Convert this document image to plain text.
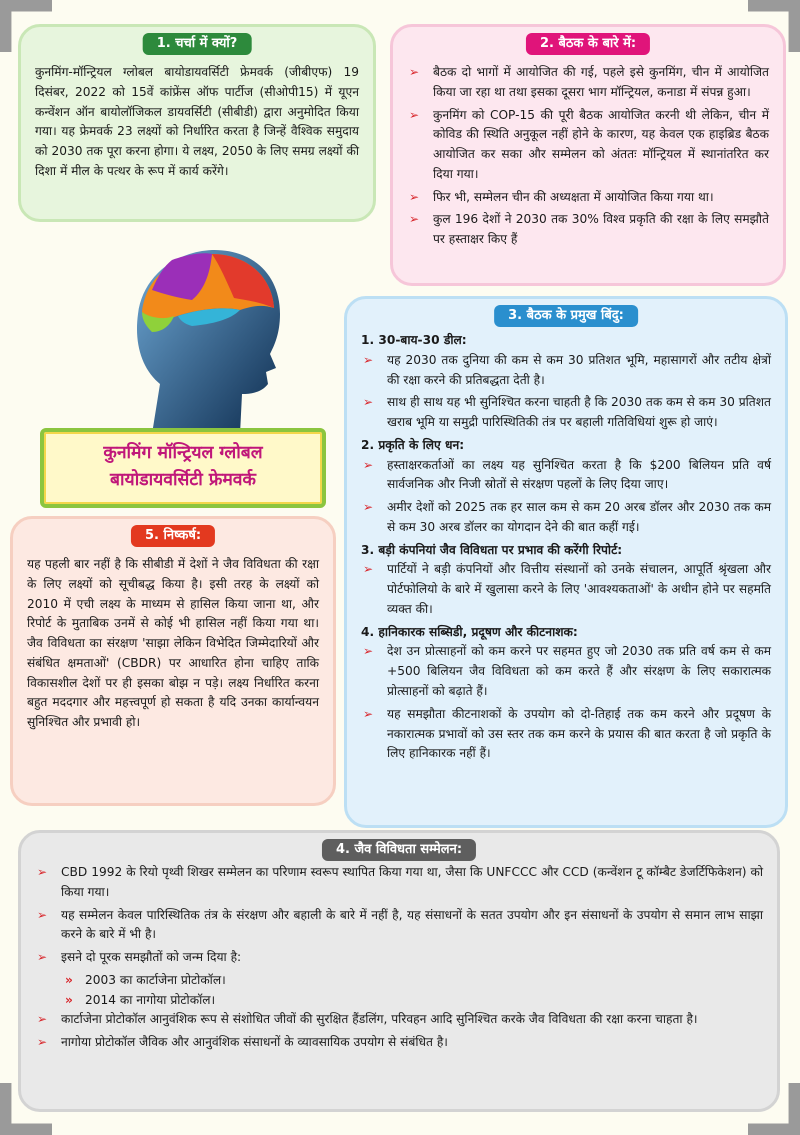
1. चर्चा में क्यों?

कुनमिंग-मॉन्ट्रियल ग्लोबल बायोडायवर्सिटी फ्रेमवर्क (जीबीएफ) 19 दिसंबर, 2022 को 15वें कांफ्रेंस ऑफ पार्टीज (सीओपी15) में यूएन कन्वेंशन ऑन बायोलॉजिकल डायवर्सिटी (सीबीडी) द्वारा अनुमोदित किया गया। यह फ्रेमवर्क 23 लक्ष्यों को निर्धारित करता है जिन्हें वैश्विक समुदाय को 2030 तक पूरा करना होगा। ये लक्ष्य, 2050 के लिए समग्र लक्ष्यों की दिशा में मील के पत्थर के रूप में कार्य करेंगे।

2. बैठक के बारे में:
➢ बैठक दो भागों में आयोजित की गई, पहले इसे कुनमिंग, चीन में आयोजित किया जा रहा था तथा इसका दूसरा भाग मॉन्ट्रियल, कनाडा में संपन्न हुआ।
➢ कुनमिंग को COP-15 की पूरी बैठक आयोजित करनी थी लेकिन, चीन में कोविड की स्थिति अनुकूल नहीं होने के कारण, यह केवल एक हाइब्रिड बैठक आयोजित कर सका और सम्मेलन को अंततः मॉन्ट्रियल में स्थानांतरित कर दिया गया।
➢ फिर भी, सम्मेलन चीन की अध्यक्षता में आयोजित किया गया था।
➢ कुल 196 देशों ने 2030 तक 30% विश्व प्रकृति की रक्षा के लिए समझौते पर हस्ताक्षर किए हैं
कुनमिंग मॉन्ट्रियल ग्लोबल
बायोडायवर्सिटी फ्रेमवर्क
3. बैठक के प्रमुख बिंदु:
1. 30-बाय-30 डील:
➢ यह 2030 तक दुनिया की कम से कम 30 प्रतिशत भूमि, महासागरों और तटीय क्षेत्रों की रक्षा करने की प्रतिबद्धता देती है।
➢ साथ ही साथ यह भी सुनिश्चित करना चाहती है कि 2030 तक कम से कम 30 प्रतिशत खराब भूमि या समुद्री पारिस्थितिकी तंत्र पर बहाली गतिविधियां शुरू हो जाएं।
2. प्रकृति के लिए धन:
➢ हस्ताक्षरकर्ताओं का लक्ष्य यह सुनिश्चित करता है कि $200 बिलियन प्रति वर्ष सार्वजनिक और निजी स्रोतों से संरक्षण पहलों के लिए दिया जाए।
➢ अमीर देशों को 2025 तक हर साल कम से कम 20 अरब डॉलर और 2030 तक कम से कम 30 अरब डॉलर का योगदान देने की बात कहीं गई।
3. बड़ी कंपनियां जैव विविधता पर प्रभाव की करेंगी रिपोर्ट:
➢ पार्टियों ने बड़ी कंपनियों और वित्तीय संस्थानों को उनके संचालन, आपूर्ति श्रृंखला और पोर्टफोलियो के बारे में खुलासा करने के लिए 'आवश्यकताओं' के अधीन होने पर सहमति व्यक्त की।
4. हानिकारक सब्सिडी, प्रदूषण और कीटनाशक:
➢ देश उन प्रोत्साहनों को कम करने पर सहमत हुए जो 2030 तक प्रति वर्ष कम से कम +500 बिलियन जैव विविधता को कम करते हैं और संरक्षण के लिए सकारात्मक प्रोत्साहनों को बढ़ाते हैं।
➢ यह समझौता कीटनाशकों के उपयोग को दो-तिहाई तक कम करने और प्रदूषण के नकारात्मक प्रभावों को उस स्तर तक कम करने के प्रयास की बात करता है जो प्रकृति के लिए हानिकारक नहीं हैं।
5. निष्कर्ष:

यह पहली बार नहीं है कि सीबीडी में देशों ने जैव विविधता की रक्षा के लिए लक्ष्यों को सूचीबद्ध किया है। इसी तरह के लक्ष्यों को 2010 में एची लक्ष्य के माध्यम से हासिल किया जाना था, और रिपोर्ट के मुताबिक उनमें से कोई भी हासिल नहीं किया गया था। जैव विविधता का संरक्षण 'साझा लेकिन विभेदित जिम्मेदारियों और संबंधित क्षमताओं' (CBDR) पर आधारित होना चाहिए ताकि विकासशील देशों पर ही इसका बोझ न पड़े। लक्ष्य निर्धारित करना बहुत मददगार और महत्त्वपूर्ण हो सकता है यदि उनका कार्यान्वयन सुनिश्चित और प्रभावी हो।

4. जैव विविधता सम्मेलन:
➢ CBD 1992 के रियो पृथ्वी शिखर सम्मेलन का परिणाम स्वरूप स्थापित किया गया था, जैसा कि UNFCCC और CCD (कन्वेंशन टू कॉम्बैट डेजर्टिफिकेशन) को किया गया।
➢ यह सम्मेलन केवल पारिस्थितिक तंत्र के संरक्षण और बहाली के बारे में नहीं है, यह संसाधनों के सतत उपयोग और इन संसाधनों के उपयोग से समान लाभ साझा करने के बारे में भी है।
➢ इसने दो पूरक समझौतों को जन्म दिया है:
» 2003 का कार्टाजेना प्रोटोकॉल।
» 2014 का नागोया प्रोटोकॉल।
➢ कार्टाजेना प्रोटोकॉल आनुवंशिक रूप से संशोधित जीवों की सुरक्षित हैंडलिंग, परिवहन आदि सुनिश्चित करके जैव विविधता की रक्षा करना चाहता है।
➢ नागोया प्रोटोकॉल जैविक और आनुवंशिक संसाधनों के व्यावसायिक उपयोग से संबंधित है।
